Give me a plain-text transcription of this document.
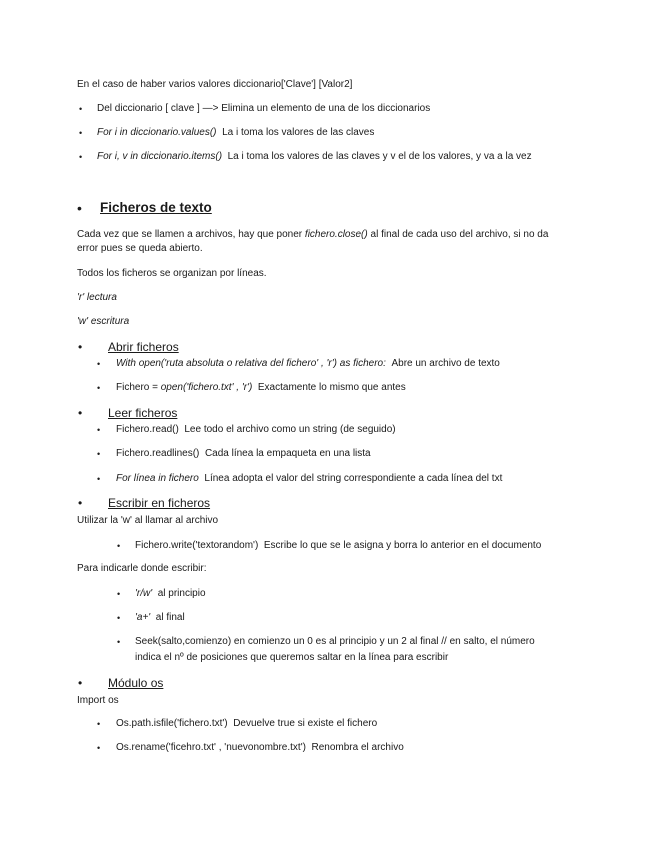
En el caso de haber varios valores diccionario['Clave'] [Valor2]
• Del diccionario [ clave ] —> Elimina un elemento de una de los diccionarios
• For i in diccionario.values() La i toma los valores de las claves
• For i, v in diccionario.items() La i toma los valores de las claves y v el de los valores, y va a la vez
• Ficheros de texto
Cada vez que se llamen a archivos, hay que poner fichero.close() al final de cada uso del archivo, si no da
error pues se queda abierto.
Todos los ficheros se organizan por líneas.
'r' lectura
'w' escritura
• Abrir ficheros
• With open('ruta absoluta o relativa del fichero' , 'r') as fichero: Abre un archivo de texto
• Fichero = open('fichero.txt' , 'r') Exactamente lo mismo que antes
• Leer ficheros
• Fichero.read() Lee todo el archivo como un string (de seguido)
• Fichero.readlines() Cada línea la empaqueta en una lista
• For línea in fichero Línea adopta el valor del string correspondiente a cada línea del txt
• Escribir en ficheros
Utilizar la 'w' al llamar al archivo
• Fichero.write('textorandom') Escribe lo que se le asigna y borra lo anterior en el documento
Para indicarle donde escribir:
• 'r/w' al principio
• 'a+' al final
• Seek(salto,comienzo) en comienzo un 0 es al principio y un 2 al final // en salto, el número
indica el nº de posiciones que queremos saltar en la línea para escribir
• Módulo os
Import os
• Os.path.isfile('fichero.txt') Devuelve true si existe el fichero
• Os.rename('ficehro.txt' , 'nuevonombre.txt') Renombra el archivo
